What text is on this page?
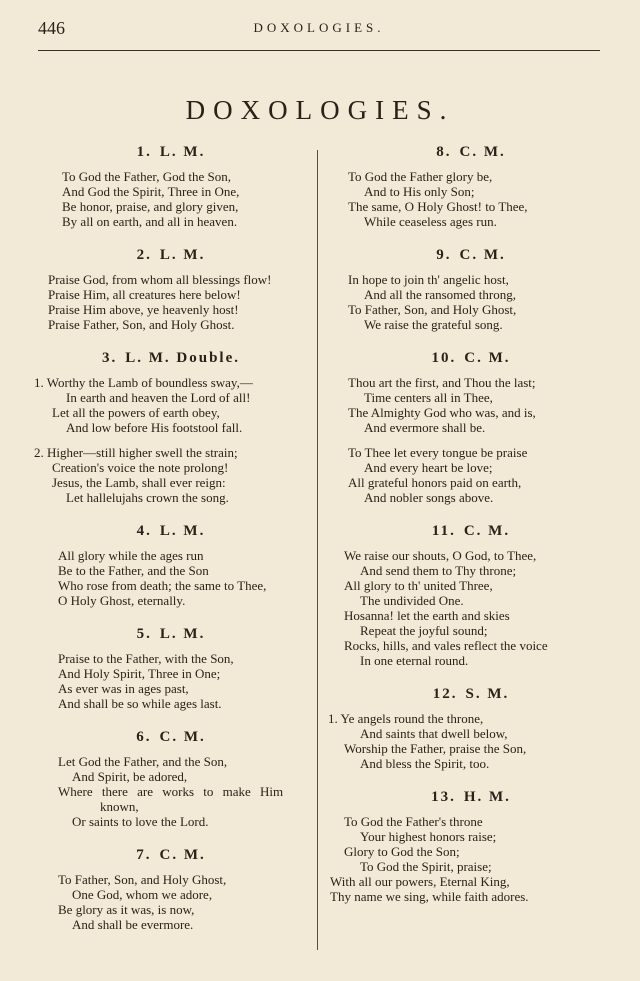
446	DOXOLOGIES.
DOXOLOGIES.
1. L. M.
To God the Father, God the Son,
And God the Spirit, Three in One,
Be honor, praise, and glory given,
By all on earth, and all in heaven.
2. L. M.
Praise God, from whom all blessings flow!
Praise Him, all creatures here below!
Praise Him above, ye heavenly host!
Praise Father, Son, and Holy Ghost.
3. L. M. Double.
1. Worthy the Lamb of boundless sway,—
In earth and heaven the Lord of all!
Let all the powers of earth obey,
And low before His footstool fall.
2. Higher—still higher swell the strain;
Creation's voice the note prolong!
Jesus, the Lamb, shall ever reign:
Let hallelujahs crown the song.
4. L. M.
All glory while the ages run
Be to the Father, and the Son
Who rose from death; the same to Thee,
O Holy Ghost, eternally.
5. L. M.
Praise to the Father, with the Son,
And Holy Spirit, Three in One;
As ever was in ages past,
And shall be so while ages last.
6. C. M.
Let God the Father, and the Son,
And Spirit, be adored,
Where there are works to make Him
known,
Or saints to love the Lord.
7. C. M.
To Father, Son, and Holy Ghost,
One God, whom we adore,
Be glory as it was, is now,
And shall be evermore.
8. C. M.
To God the Father glory be,
And to His only Son;
The same, O Holy Ghost! to Thee,
While ceaseless ages run.
9. C. M.
In hope to join th' angelic host,
And all the ransomed throng,
To Father, Son, and Holy Ghost,
We raise the grateful song.
10. C. M.
Thou art the first, and Thou the last;
Time centers all in Thee,
The Almighty God who was, and is,
And evermore shall be.
To Thee let every tongue be praise
And every heart be love;
All grateful honors paid on earth,
And nobler songs above.
11. C. M.
We raise our shouts, O God, to Thee,
And send them to Thy throne;
All glory to th' united Three,
The undivided One.
Hosanna! let the earth and skies
Repeat the joyful sound;
Rocks, hills, and vales reflect the voice
In one eternal round.
12. S. M.
1. Ye angels round the throne,
And saints that dwell below,
Worship the Father, praise the Son,
And bless the Spirit, too.
13. H. M.
To God the Father's throne
Your highest honors raise;
Glory to God the Son;
To God the Spirit, praise;
With all our powers, Eternal King,
Thy name we sing, while faith adores.
